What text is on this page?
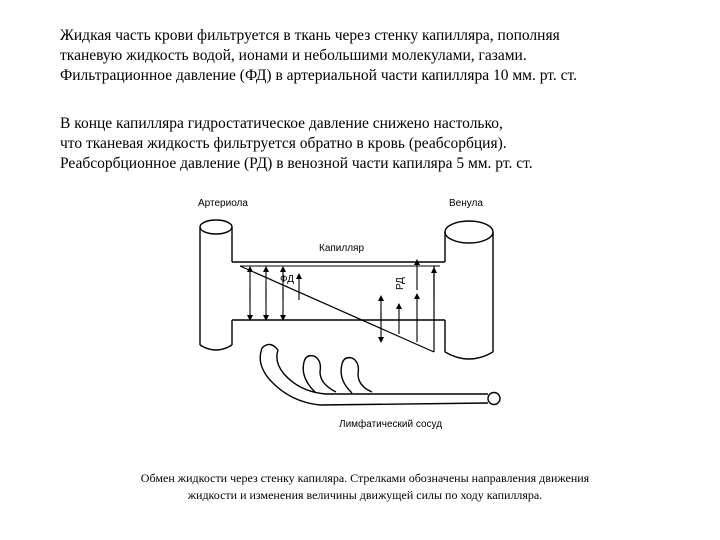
Жидкая часть крови фильтруется в ткань через стенку капилляра, пополняя

тканевую жидкость водой, ионами и небольшими молекулами, газами.

Фильтрационное давление (ФД) в артериальной части капилляра 10 мм. рт. ст.

В конце капилляра гидростатическое давление снижено настолько,

что тканевая жидкость фильтруется обратно в кровь (реабсорбция).

Реабсорбционное давление (РД) в венозной части капиляра 5 мм. рт. ст.

Артериола	Венула
Капилляр
ФД	РД
Лимфатический сосуд

Обмен жидкости через стенку капиляра. Стрелками обозначены направления движения

жидкости и изменения величины движущей силы по ходу капилляра.
